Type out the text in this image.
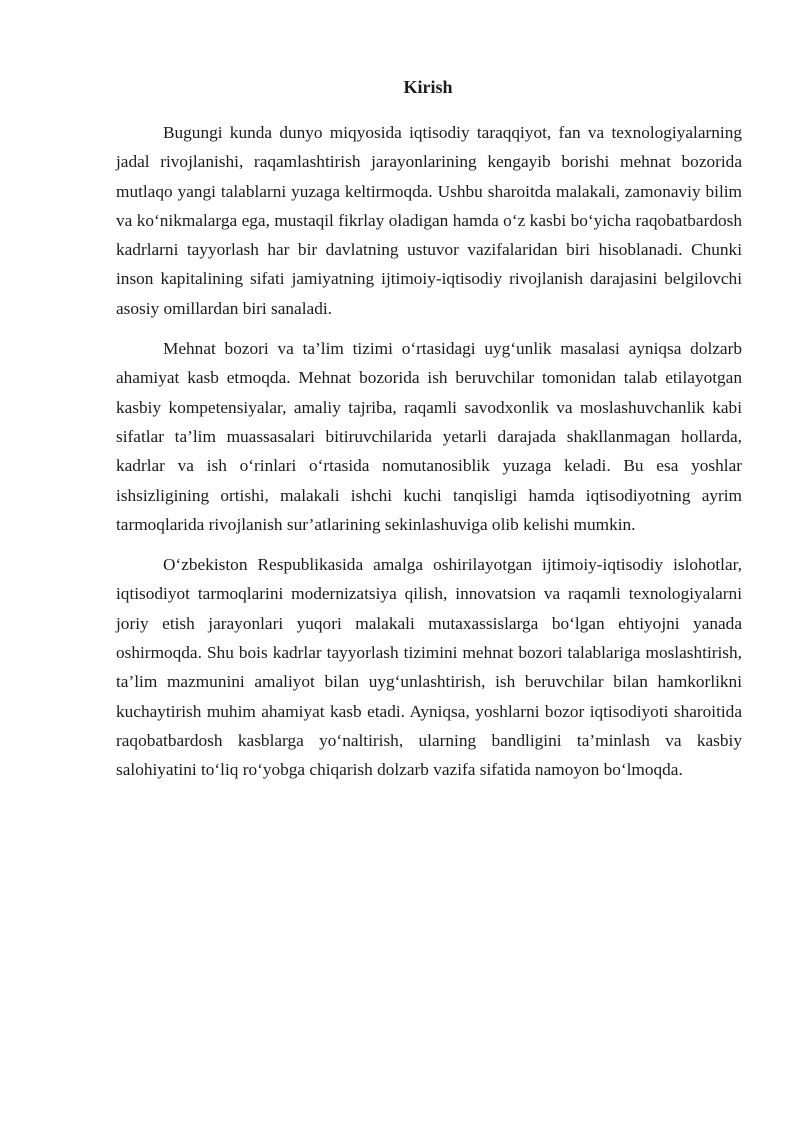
Kirish

Bugungi kunda dunyo miqyosida iqtisodiy taraqqiyot, fan va texnologiyalarning jadal rivojlanishi, raqamlashtirish jarayonlarining kengayib borishi mehnat bozorida mutlaqo yangi talablarni yuzaga keltirmoqda. Ushbu sharoitda malakali, zamonaviy bilim va ko‘nikmalarga ega, mustaqil fikrlay oladigan hamda o‘z kasbi bo‘yicha raqobatbardosh kadrlarni tayyorlash har bir davlatning ustuvor vazifalaridan biri hisoblanadi. Chunki inson kapitalining sifati jamiyatning ijtimoiy-iqtisodiy rivojlanish darajasini belgilovchi asosiy omillardan biri sanaladi.

Mehnat bozori va ta’lim tizimi o‘rtasidagi uyg‘unlik masalasi ayniqsa dolzarb ahamiyat kasb etmoqda. Mehnat bozorida ish beruvchilar tomonidan talab etilayotgan kasbiy kompetensiyalar, amaliy tajriba, raqamli savodxonlik va moslashuvchanlik kabi sifatlar ta’lim muassasalari bitiruvchilarida yetarli darajada shakllanmagan hollarda, kadrlar va ish o‘rinlari o‘rtasida nomutanosiblik yuzaga keladi. Bu esa yoshlar ishsizligining ortishi, malakali ishchi kuchi tanqisligi hamda iqtisodiyotning ayrim tarmoqlarida rivojlanish sur’atlarining sekinlashuviga olib kelishi mumkin.

O‘zbekiston Respublikasida amalga oshirilayotgan ijtimoiy-iqtisodiy islohotlar, iqtisodiyot tarmoqlarini modernizatsiya qilish, innovatsion va raqamli texnologiyalarni joriy etish jarayonlari yuqori malakali mutaxassislarga bo‘lgan ehtiyojni yanada oshirmoqda. Shu bois kadrlar tayyorlash tizimini mehnat bozori talablariga moslashtirish, ta’lim mazmunini amaliyot bilan uyg‘unlashtirish, ish beruvchilar bilan hamkorlikni kuchaytirish muhim ahamiyat kasb etadi. Ayniqsa, yoshlarni bozor iqtisodiyoti sharoitida raqobatbardosh kasblarga yo‘naltirish, ularning bandligini ta’minlash va kasbiy salohiyatini to‘liq ro‘yobga chiqarish dolzarb vazifa sifatida namoyon bo‘lmoqda.
